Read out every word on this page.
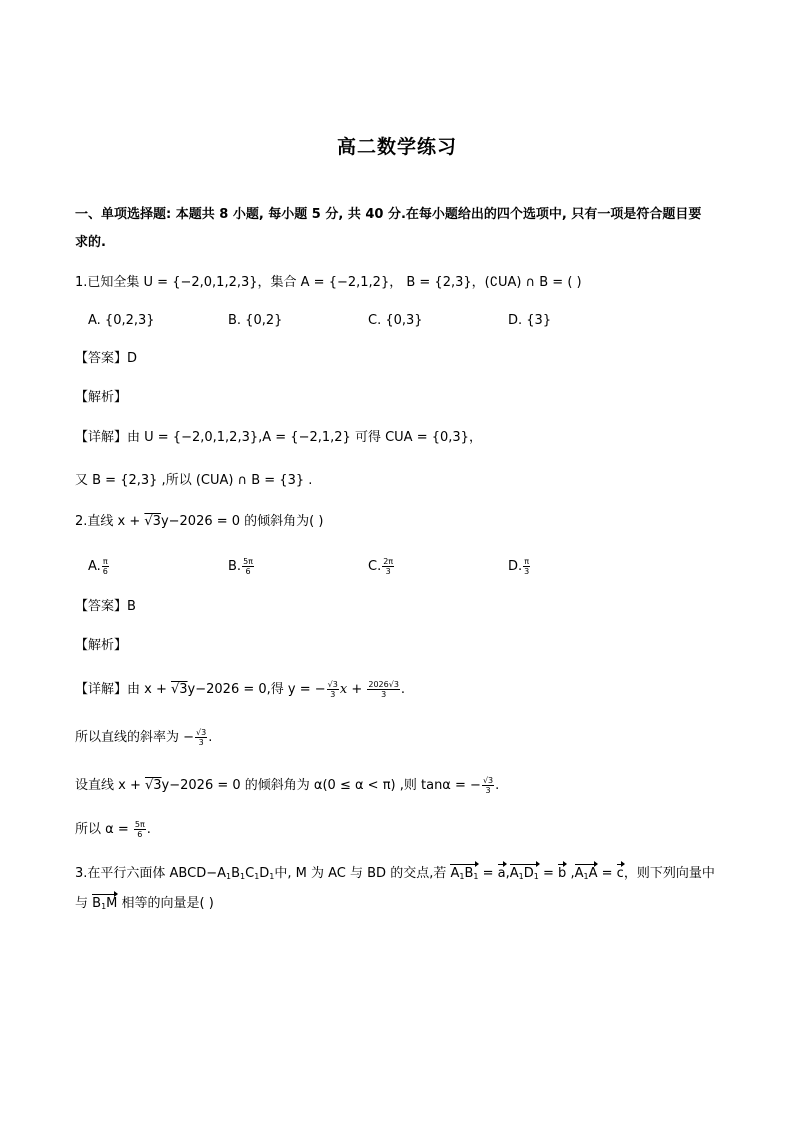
高二数学练习
一、单项选择题: 本题共 8 小题, 每小题 5 分, 共 40 分.在每小题给出的四个选项中, 只有一项是符合题目要
求的.
1.已知全集 U = {−2,0,1,2,3}，集合 A = {−2,1,2}， B = {2,3}，(∁UA) ∩ B = ( )
A. {0,2,3}	B. {0,2}	C. {0,3}	D. {3}
【答案】D
【解析】
【详解】由 U = {−2,0,1,2,3},A = {−2,1,2} 可得 CUA = {0,3}，
又 B = {2,3} ,所以 (CUA) ∩ B = {3} .
2.直线 x + √3y−2026 = 0 的倾斜角为( )
A. $\frac{\pi}{6}$	B. $\frac{5\pi}{6}$	C. $\frac{2\pi}{3}$	D. $\frac{\pi}{3}$
【答案】B
【解析】
【详解】由 x + √3y−2026 = 0,得 y = − $\frac{√3}{3}$ $x + \frac{2026√3}{3}$ .
所以直线的斜率为 − $\frac{√3}{3}$ .
设直线 x + √3y−2026 = 0 的倾斜角为 α(0 ≤ α < π) ,则 tanα = − $\frac{√3}{3}$ .
所以 $\alpha = \frac{5\pi}{6}$ .
3.在平行六面体 $ABCD-A_1B_1C_1D_1$中, M 为 AC 与 BD 的交点,若 $A_1B_1 = a,A_1D_1 = b$ $,A_1A = c$，则下列向量中
与 $B_1M$ 相等的向量是( )
